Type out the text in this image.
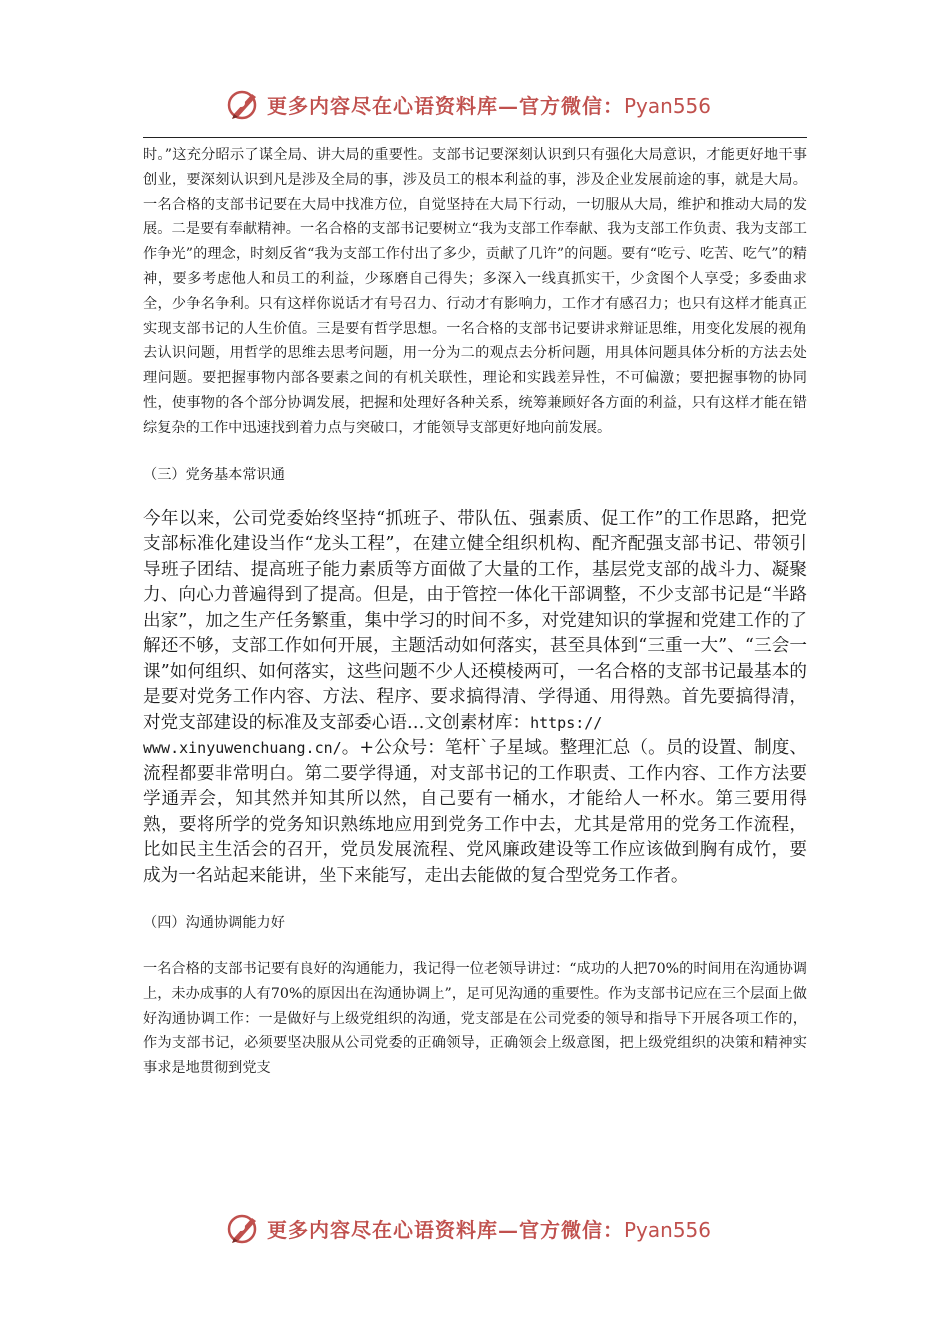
更多内容尽在心语资料库—官方微信：Pyan556

时。”这充分昭示了谋全局、讲大局的重要性。支部书记要深刻认识到只有强化大局意识，才能更好地干事创业，要深刻认识到凡是涉及全局的事，涉及员工的根本利益的事，涉及企业发展前途的事，就是大局。一名合格的支部书记要在大局中找准方位，自觉坚持在大局下行动，一切服从大局，维护和推动大局的发展。二是要有奉献精神。一名合格的支部书记要树立“我为支部工作奉献、我为支部工作负责、我为支部工作争光”的理念，时刻反省“我为支部工作付出了多少，贡献了几许”的问题。要有“吃亏、吃苦、吃气”的精神，要多考虑他人和员工的利益，少琢磨自己得失；多深入一线真抓实干，少贪图个人享受；多委曲求全，少争名争利。只有这样你说话才有号召力、行动才有影响力，工作才有感召力；也只有这样才能真正实现支部书记的人生价值。三是要有哲学思想。一名合格的支部书记要讲求辩证思维，用变化发展的视角去认识问题，用哲学的思维去思考问题，用一分为二的观点去分析问题，用具体问题具体分析的方法去处理问题。要把握事物内部各要素之间的有机关联性，理论和实践差异性，不可偏激；要把握事物的协同性，使事物的各个部分协调发展，把握和处理好各种关系，统筹兼顾好各方面的利益，只有这样才能在错综复杂的工作中迅速找到着力点与突破口，才能领导支部更好地向前发展。

（三）党务基本常识通

今年以来，公司党委始终坚持“抓班子、带队伍、强素质、促工作”的工作思路，把党支部标准化建设当作“龙头工程”，在建立健全组织机构、配齐配强支部书记、带领引导班子团结、提高班子能力素质等方面做了大量的工作，基层党支部的战斗力、凝聚力、向心力普遍得到了提高。但是，由于管控一体化干部调整，不少支部书记是“半路出家”，加之生产任务繁重，集中学习的时间不多，对党建知识的掌握和党建工作的了解还不够，支部工作如何开展，主题活动如何落实，甚至具体到“三重一大”、“三会一课”如何组织、如何落实，这些问题不少人还模棱两可，一名合格的支部书记最基本的是要对党务工作内容、方法、程序、要求搞得清、学得通、用得熟。首先要搞得清，对党支部建设的标准及支部委心语…文创素材库：https://
www.xinyuwenchuang.cn/。+公众号：笔杆`子星域。整理汇总（。员的设置、制度、流程都要非常明白。第二要学得通，对支部书记的工作职责、工作内容、工作方法要学通弄会，知其然并知其所以然，自己要有一桶水，才能给人一杯水。第三要用得熟，要将所学的党务知识熟练地应用到党务工作中去，尤其是常用的党务工作流程，比如民主生活会的召开，党员发展流程、党风廉政建设等工作应该做到胸有成竹，要成为一名站起来能讲，坐下来能写，走出去能做的复合型党务工作者。

（四）沟通协调能力好

一名合格的支部书记要有良好的沟通能力，我记得一位老领导讲过：“成功的人把70%的时间用在沟通协调上，未办成事的人有70%的原因出在沟通协调上”，足可见沟通的重要性。作为支部书记应在三个层面上做好沟通协调工作：一是做好与上级党组织的沟通，党支部是在公司党委的领导和指导下开展各项工作的，作为支部书记，必须要坚决服从公司党委的正确领导，正确领会上级意图，把上级党组织的决策和精神实事求是地贯彻到党支

更多内容尽在心语资料库—官方微信：Pyan556
